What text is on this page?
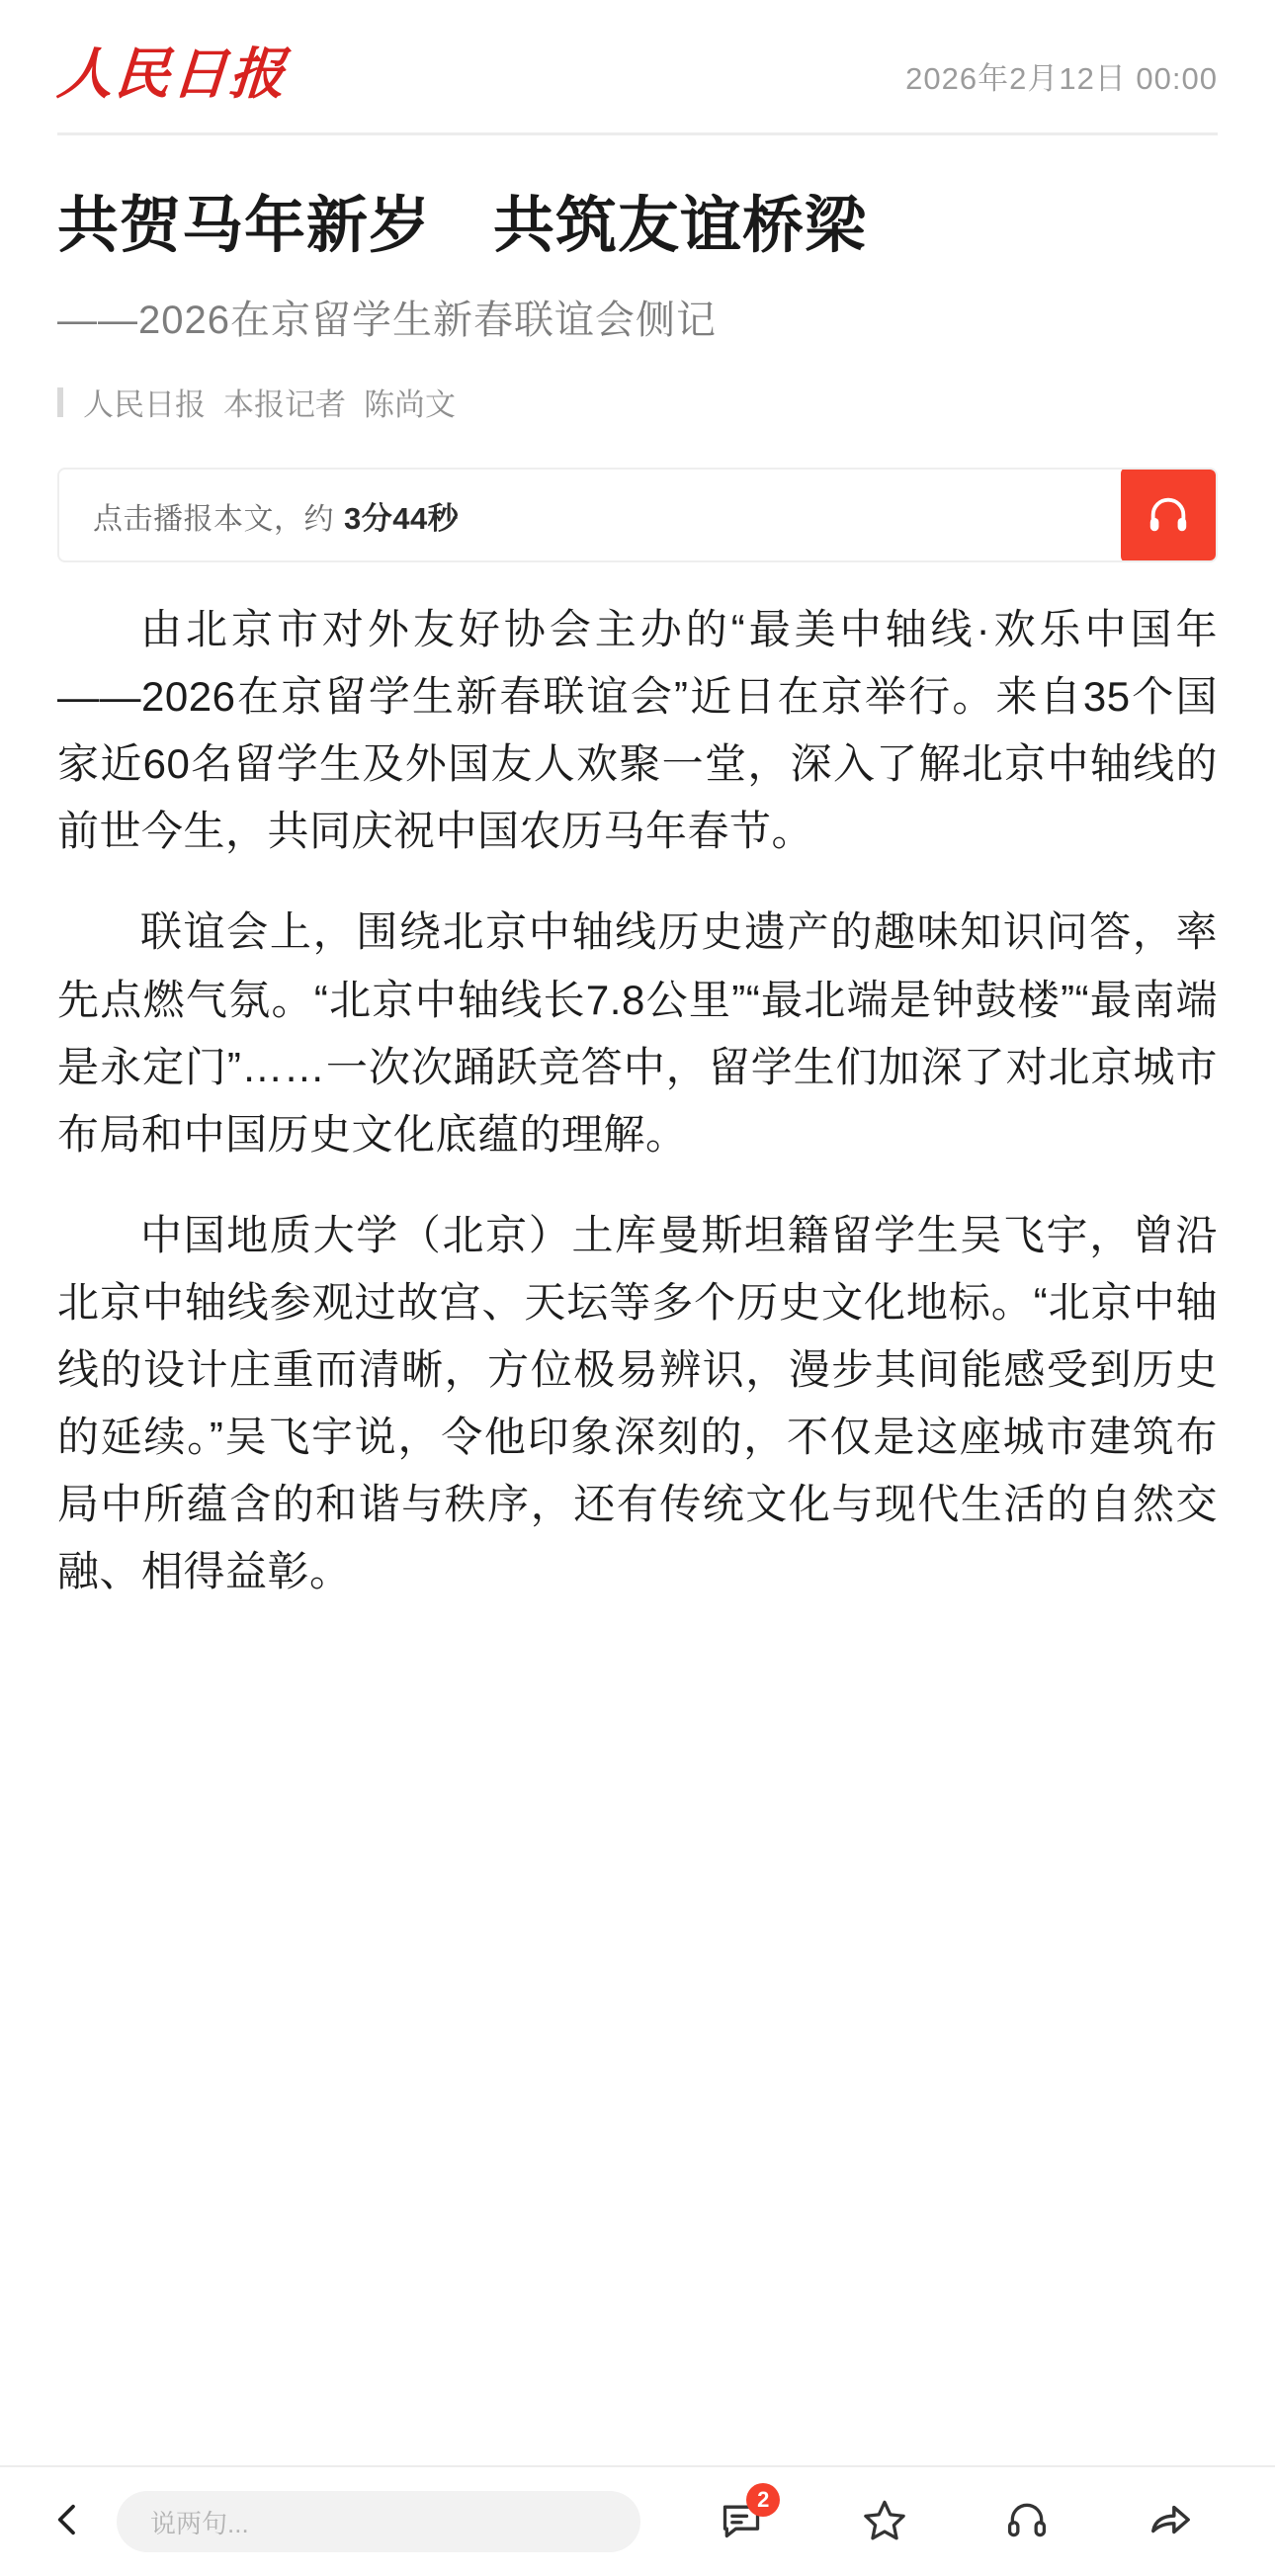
人民日报	2026年2月12日 00:00
共贺马年新岁　共筑友谊桥梁
——2026在京留学生新春联谊会侧记
人民日报 本报记者 陈尚文
点击播报本文，约 3分44秒

由北京市对外友好协会主办的“最美中轴线·欢乐中国年——2026在京留学生新春联谊会”近日在京举行。来自35个国家近60名留学生及外国友人欢聚一堂，深入了解北京中轴线的前世今生，共同庆祝中国农历马年春节。

联谊会上，围绕北京中轴线历史遗产的趣味知识问答，率先点燃气氛。“北京中轴线长7.8公里”“最北端是钟鼓楼”“最南端是永定门”……一次次踊跃竞答中，留学生们加深了对北京城市布局和中国历史文化底蕴的理解。

中国地质大学（北京）土库曼斯坦籍留学生吴飞宇，曾沿北京中轴线参观过故宫、天坛等多个历史文化地标。“北京中轴线的设计庄重而清晰，方位极易辨识，漫步其间能感受到历史的延续。”吴飞宇说，令他印象深刻的，不仅是这座城市建筑布局中所蕴含的和谐与秩序，还有传统文化与现代生活的自然交融、相得益彰。

说两句...
2
